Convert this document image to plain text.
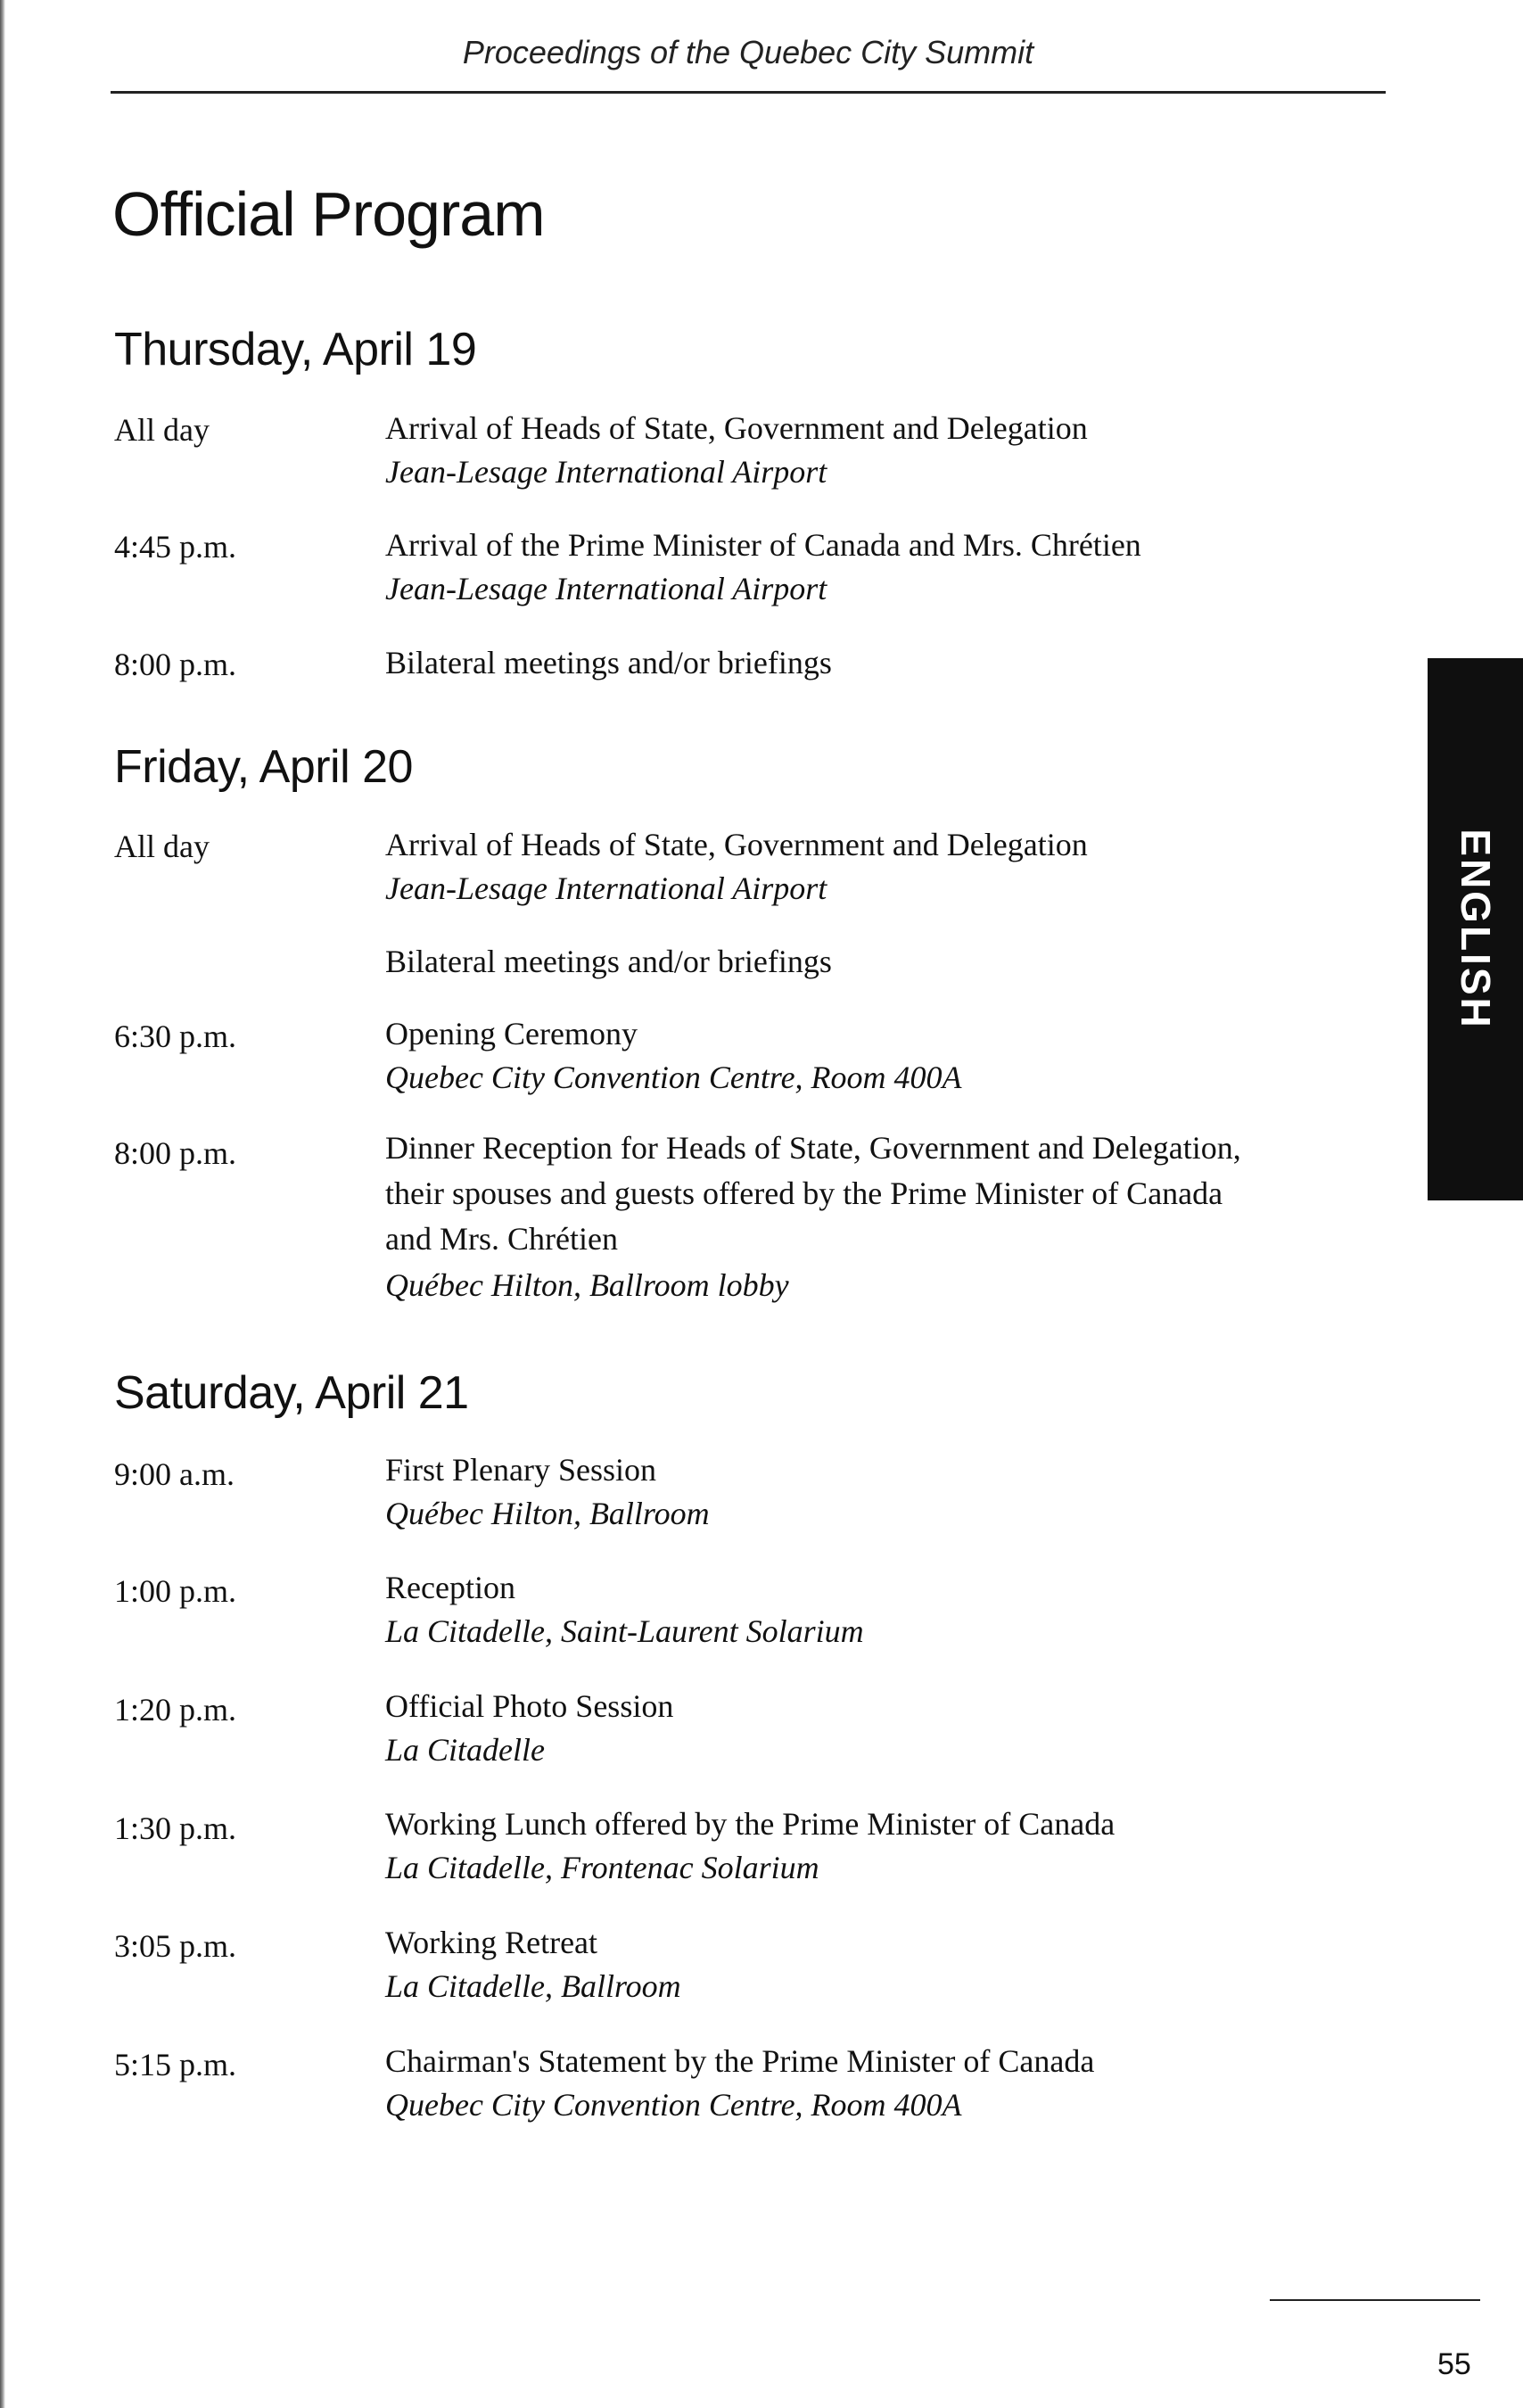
Proceedings of the Quebec City Summit
Official Program
Thursday, April 19
All day	Arrival of Heads of State, Government and Delegation
Jean-Lesage International Airport
4:45 p.m.	Arrival of the Prime Minister of Canada and Mrs. Chrétien
Jean-Lesage International Airport
8:00 p.m.	Bilateral meetings and/or briefings
Friday, April 20
All day	Arrival of Heads of State, Government and Delegation
Jean-Lesage International Airport
Bilateral meetings and/or briefings
6:30 p.m.	Opening Ceremony
Quebec City Convention Centre, Room 400A
8:00 p.m.	Dinner Reception for Heads of State, Government and Delegation, their spouses and guests offered by the Prime Minister of Canada and Mrs. Chrétien
Québec Hilton, Ballroom lobby
Saturday, April 21
9:00 a.m.	First Plenary Session
Québec Hilton, Ballroom
1:00 p.m.	Reception
La Citadelle, Saint-Laurent Solarium
1:20 p.m.	Official Photo Session
La Citadelle
1:30 p.m.	Working Lunch offered by the Prime Minister of Canada
La Citadelle, Frontenac Solarium
3:05 p.m.	Working Retreat
La Citadelle, Ballroom
5:15 p.m.	Chairman's Statement by the Prime Minister of Canada
Quebec City Convention Centre, Room 400A
ENGLISH
55
